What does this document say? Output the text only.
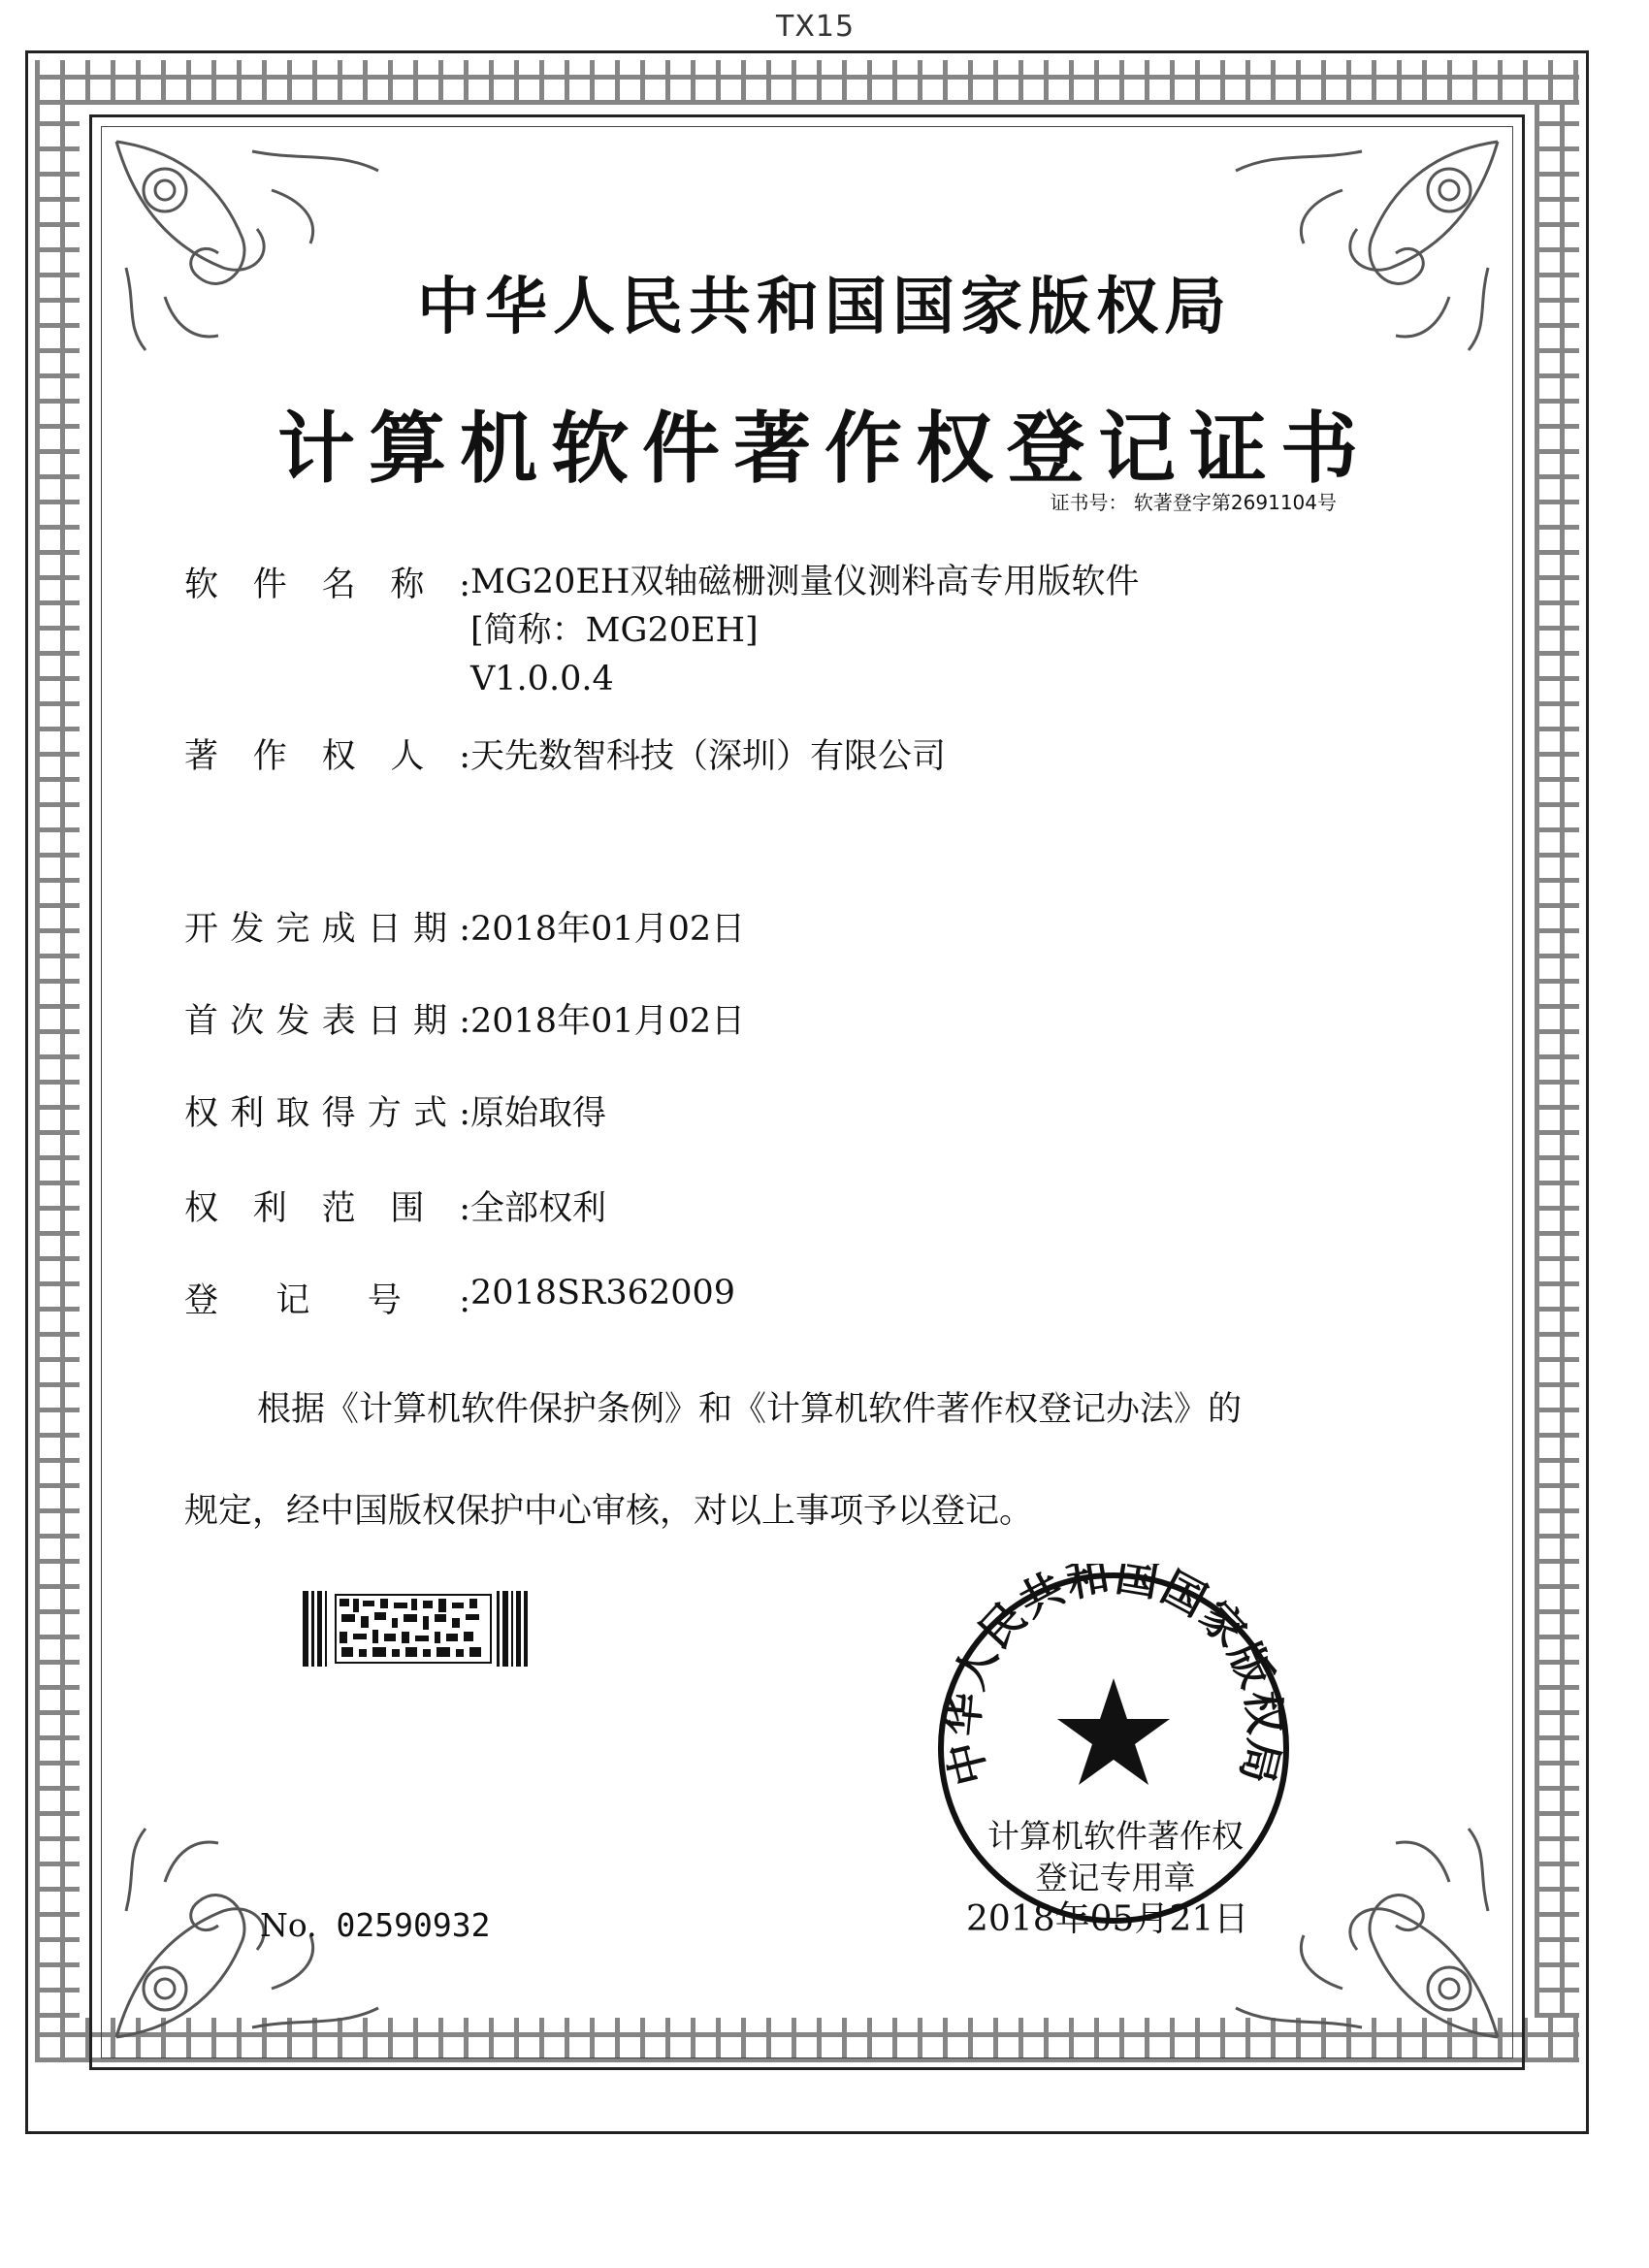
TX15
中华人民共和国国家版权局
计算机软件著作权登记证书
证书号： 软著登字第2691104号
软件名称: MG20EH双轴磁栅测量仪测料高专用版软件
[简称：MG20EH]
V1.0.0.4
著作权人:天先数智科技（深圳）有限公司
开发完成日期:2018年01月02日
首次发表日期:2018年01月02日
权利取得方式:原始取得
权利范围:全部权利
登记号:2018SR362009
根据《计算机软件保护条例》和《计算机软件著作权登记办法》的
规定，经中国版权保护中心审核，对以上事项予以登记。
No. 02590932
中华人民共和国国家版权局
计算机软件著作权
登记专用章
2018年05月21日
